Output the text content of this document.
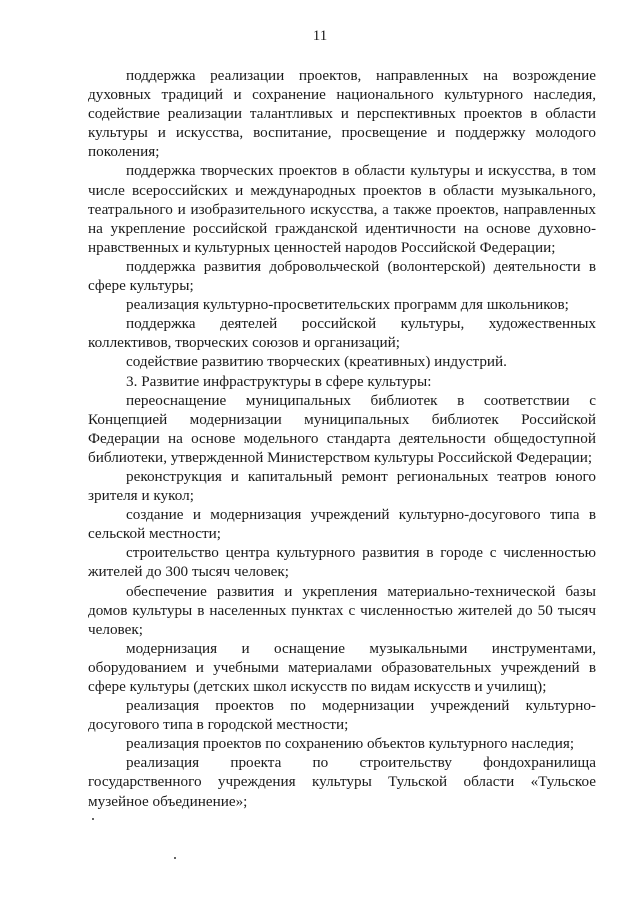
11

поддержка реализации проектов, направленных на возрождение духовных традиций и сохранение национального культурного наследия, содействие реализации талантливых и перспективных проектов в области культуры и искусства, воспитание, просвещение и поддержку молодого поколения;

поддержка творческих проектов в области культуры и искусства, в том числе всероссийских и международных проектов в области музыкального, театрального и изобразительного искусства, а также проектов, направленных на укрепление российской гражданской идентичности на основе духовно-нравственных и культурных ценностей народов Российской Федерации;

поддержка развития добровольческой (волонтерской) деятельности в сфере культуры;

реализация культурно-просветительских программ для школьников;

поддержка деятелей российской культуры, художественных коллективов, творческих союзов и организаций;

содействие развитию творческих (креативных) индустрий.

3. Развитие инфраструктуры в сфере культуры:

переоснащение муниципальных библиотек в соответствии с Концепцией модернизации муниципальных библиотек Российской Федерации на основе модельного стандарта деятельности общедоступной библиотеки, утвержденной Министерством культуры Российской Федерации;

реконструкция и капитальный ремонт региональных театров юного зрителя и кукол;

создание и модернизация учреждений культурно-досугового типа в сельской местности;

строительство центра культурного развития в городе с численностью жителей до 300 тысяч человек;

обеспечение развития и укрепления материально-технической базы домов культуры в населенных пунктах с численностью жителей до 50 тысяч человек;

модернизация и оснащение музыкальными инструментами, оборудованием и учебными материалами образовательных учреждений в сфере культуры (детских школ искусств по видам искусств и училищ);

реализация проектов по модернизации учреждений культурно-досугового типа в городской местности;

реализация проектов по сохранению объектов культурного наследия;

реализация проекта по строительству фондохранилища государственного учреждения культуры Тульской области «Тульское музейное объединение»;
